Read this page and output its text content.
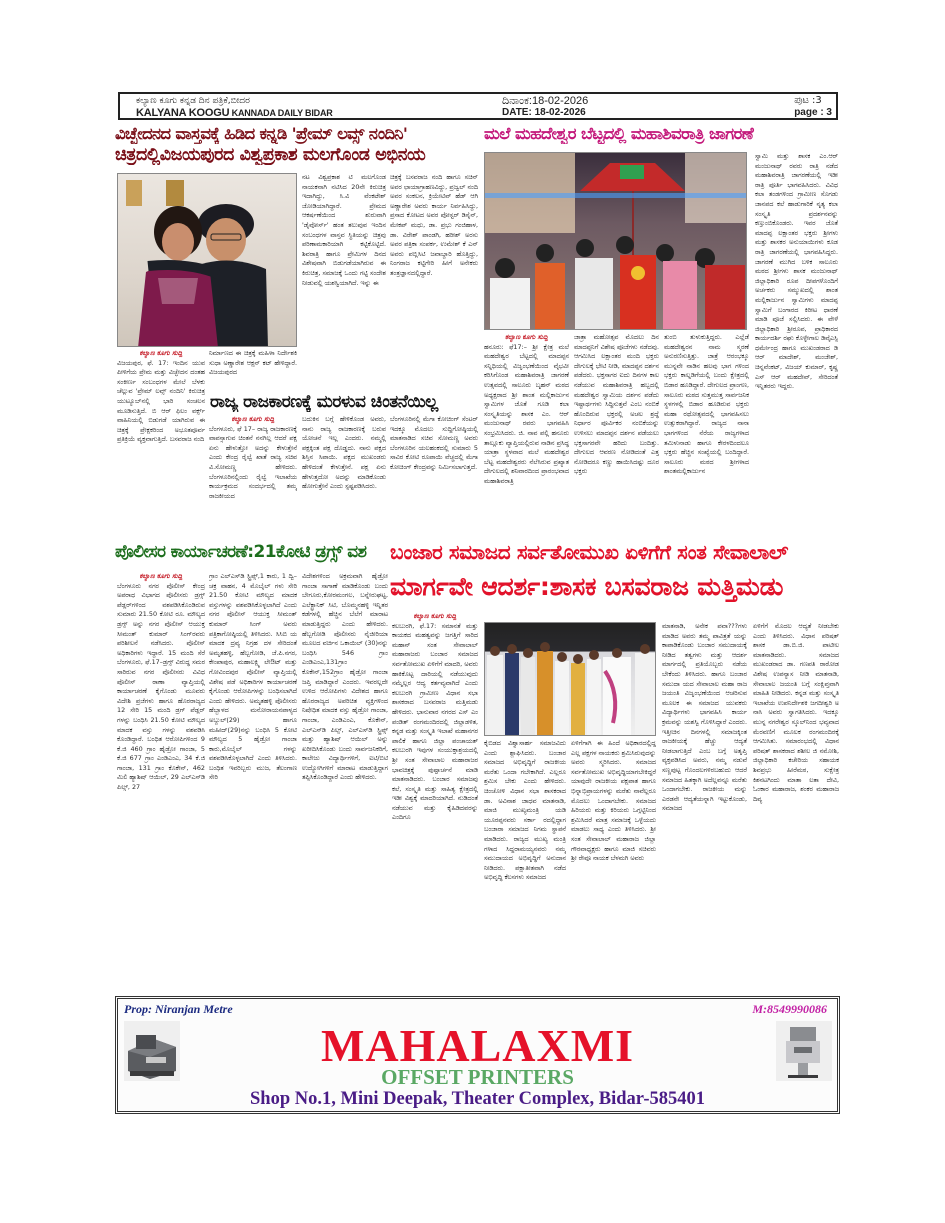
ಕಲ್ಯಾಣ ಕೂಗು ಕನ್ನಡ ದಿನ ಪತ್ರಿಕೆ,ಬೀದರ
KALYANA KOOGU KANNADA DAILY BIDAR
ದಿನಾಂಕ:18-02-2026
DATE: 18-02-2026
ಪುಟ :3
page : 3
ವಿಚ್ಛೇದನದ ವಾಸ್ತವಕ್ಕೆ ಹಿಡಿದ ಕನ್ನಡಿ 'ಪ್ರೇಮ್ ಲವ್ಸ್ ನಂದಿನಿ'
ಚಿತ್ರದಲ್ಲಿವಿಜಯಪುರದ ವಿಶ್ವಪ್ರಕಾಶ ಮಲಗೊಂಡ ಅಭಿನಯ
ಮಲೆ ಮಹದೇಶ್ವರ ಬೆಟ್ಟದಲ್ಲಿ ಮಹಾಶಿವರಾತ್ರಿ ಜಾಗರಣೆ
ಕಲ್ಯಾಣ ಕೂಗು ಸುದ್ದಿ
ವಿಜಯಪುರ, ಫೆ. 17: ಇಂದಿನ ಯುವ ಪೀಳಿಗೆಯ ಪ್ರೇಮ ಮತ್ತು ವಿಚ್ಛೇದನ ದಂತಹ ಸಂಕೀರ್ಣ ಸಂಬಂಧಗಳ ಮೇಲೆ ಬೆಳಕು ಚೆಲ್ಲುವ 'ಪ್ರೇಮ್ ಲವ್ಸ್ ನಂದಿನಿ' ಕಿರುಚಿತ್ರ ಯುಟ್ಯೂಬ್‌ನಲ್ಲಿ ಭಾರಿ ಸಂಚಲನ ಮೂಡಿಸುತ್ತಿದೆ. ಬಿ ಆರ್ ಫಿಲಂ ವರ್ಕ್ಸ್ ವಾಹಿನಿಯಲ್ಲಿ ಬಿಡುಗಡೆ ಯಾಗಿರುವ ಈ ಚಿತ್ರಕ್ಕೆ ಪ್ರೇಕ್ಷಕರಿಂದ ಅಭೂತಪೂರ್ವ ಪ್ರತಿಕ್ರಿಯೆ ವ್ಯಕ್ತವಾಗುತ್ತಿದೆ. ಬಸವರಾಜ ನಂದಿ
ನಿರ್ಮಾಣದ ಈ ಚಿತ್ರಕ್ಕೆ ಮಹಿಳಾ ನಿರ್ದೇಶಕಿ ಸುಧಾ ಅಣ್ಣಾರೇಶ ಆಕ್ಷನ್ ಕಟ್ ಹೇಳಿದ್ದಾರೆ. ವಿಜಯಪುರದ
ನಟ ವಿಶ್ವಪ್ರಕಾಶ ಟಿ ಮಲಗೊಂಡ ನಾಯಕನಾಗಿ ನಟಿಸಿದ 20ನೇ ಕಿರುಚಿತ್ರ ಇದಾಗಿದ್ದು, ಸಿ.ವಿ ವೆಂಕಟೇಶ್ ಜೋಡಿಯಾಗಿದ್ದಾರೆ. ಪ್ರೇಮದ ಆಕರ್ಷಣೆಯಿಂದ ಶುರುವಾಗಿ 'ಡೈವೋರ್ಸ್' ಹಂತ ತಲುಪುವ ಇಂದಿನ ಸಂಬಂಧಗಳ ವಾಸ್ತವ ಸ್ಥಿತಿಯನ್ನು ಚಿತ್ರವು ಪರಿಣಾಮಕಾರಿಯಾಗಿ ಕಟ್ಟಿಕೊಟ್ಟಿದೆ. ಶಿವರಾತ್ರಿ ಹಾಗೂ ಪ್ರೇಮಿಗಳ ದಿನದ ವಿಶೇಷವಾಗಿ ಬಿಡುಗಡೆಯಾಗಿರುವ ಈ ಕಿರುಚಿತ್ರ, ಸಮಾಜಕ್ಕೆ ಒಂದು ಗಟ್ಟಿ ಸಂದೇಶ ನೀಡುವಲ್ಲಿ ಯಶಸ್ವಿಯಾಗಿದೆ. ಇನ್ನು ಈ
ಚಿತ್ರಕ್ಕೆ ಬಸವರಾಜ ನಂದಿ ಹಾಗೂ ಸಚಿನ್ ಅವರ ಛಾಯಾಗ್ರಾಹಣವಿದ್ದು, ಪ್ರಜ್ವಲ್ ನಂದಿ ಅವರ ಸಂಕಲನ, ಕ್ರಿಯೇಟಿವ್ ಹೆಡ್ ಆಗಿ ಅಣ್ಣಾರೇಶ ಅವರು ಕಾರ್ಯ ನಿರ್ವಹಿಸಿದ್ದು, ಪ್ರಸಾದ ಕೋಟದ ಅವರ ಪೋಸ್ಟರ್ ಡಿಸೈನ್, ಮೇಕಪ್ ಮಧು, ಡಾ. ಪ್ರಭು ಗಂಜಿಹಾಳ, ಡಾ. ವಿರೇಶ್ ಪಾಂಡಗಿ, ಹರೀಶ್ ಅರಸು ಅವರ ಪತ್ರಿಕಾ ಸಂಪರ್ಕ, ಉಮೇಶ್ ಕೆ ಎನ್ ಅವರು ಪಬ್ಲಿಸಿಟಿ ಜವಾಬ್ದಾರಿ ಹೊತ್ತಿದ್ದು, ನಿಂಗರಾಜ ಕಟ್ಟಿಗೇರಿ ಹೀಗೆ ಅನೇಕರು ತಂತ್ರಜ್ಞಾನದಲ್ಲಿದ್ದಾರೆ.
ರಾಜ್ಯ ರಾಜಕಾರಣಕ್ಕೆ ಮರಳುವ ಚಿಂತನೆಯಿಲ್ಲ
ಕಲ್ಯಾಣ ಕೂಗು ಸುದ್ದಿ
ಬೆಂಗಳೂರು, ಫೆ 17– ರಾಜ್ಯ ರಾಜಕಾರಣಕ್ಕೆ ವಾಪಸ್ಸಾಗುವ ಚಿಂತನೆ ನನಗಿಲ್ಲ ಆದರೆ ಪಕ್ಷ ಏನು ಹೇಳುತ್ತೋ ಅದನ್ನು ಕೇಳುತ್ತೇನೆ ಎಂದು ಕೇಂದ್ರ ರೈಲ್ವೆ ಖಾತೆ ರಾಜ್ಯ ಸಚಿವ ವಿ.ಸೋಮಣ್ಣ ಹೇಳಿದರು. ಬೆಂಗಳೂರಿನಲ್ಲಿಂದು ರೈಲ್ವೆ ಇಲಾಖೆಯ ಕಾರ್ಯಕ್ರಮದ ಸಂದರ್ಭದಲ್ಲಿ ತಮ್ಮ ರಾಜಕೀಯದ
ಬದುಕಿನ ಬಗ್ಗೆ ಹೇಳಿಕೊಂಡ ಅವರು, ನಾನು ರಾಜ್ಯ ರಾಜಕಾರಣಕ್ಕೆ ಬರುವ ಯೋಚನೆ ಇಲ್ಲ ಎಂದರು. ನಮ್ಮಲ್ಲಿ ಪಕ್ಷಕ್ಕಿಂತ ಪಕ್ಷ ದೊಡ್ಡದು. ನಾನು ಪಕ್ಷದ ಶಿಸ್ತಿನ ಸಿಪಾಯಿ. ಪಕ್ಷದ ಮುಖಂಡರು ಹೇಳಿದಂತೆ ಕೇಳುತ್ತೇನೆ. ಪಕ್ಷ ಏನು ಹೇಳುತ್ತದೋ ಅದನ್ನು ಮಾಡಿಕೊಂಡು ಹೋಗುತ್ತೇನೆ ಎಂದು ಸ್ಪಷ್ಟಪಡಿಸಿದರು.
ಬೆಂಗಳೂರಿನಲ್ಲಿ ಮೆಗಾ ಕೋಚಿಂಗ್ ಸೆಂಟರ್ ಇದಕ್ಕೂ ಮೊದಲು ಸುದ್ದಿಗೋಷ್ಠಿಯಲ್ಲಿ ಮಾತನಾಡಿದ ಸಚಿವ ಸೋಮಣ್ಣ ಅವರು ಬೆಂಗಳೂರಿನ ಯಲಹಂಕದಲ್ಲಿ ಸುಮಾರು 5 ಸಾವಿರ ಕೋಟಿ ರೂಪಾಯಿ ವೆಚ್ಚದಲ್ಲಿ ಮೆಗಾ ಕೋಚಿಂಗ್ ಕೇಂದ್ರವನ್ನು ನಿರ್ಮಿಸಲಾಗುತ್ತದೆ.
ಕಲ್ಯಾಣ ಕೂಗು ಸುದ್ದಿ
ಹನೂರು: ಫೆ17:– ಶ್ರೀ ಕ್ಷೇತ್ರ ಮಲೆ ಮಹದೇಶ್ವರ ಬೆಟ್ಟದಲ್ಲಿ ಮಾದಪ್ಪನ ಸನ್ನಿಧಿಯಲ್ಲಿ ವಿಜೃಂಭಣೆಯಿಂದ ವೈಭವೀ ಕರಿಸಿಗೊಂಡ ಮಹಾಶಿವರಾತ್ರಿ ಜಾಗರಣೆ ಉತ್ಸವದಲ್ಲಿ ಸಾಲೂರು ಬೃಹನ್ ಮಠದ ಅಧ್ಯಕ್ಷರಾದ ಶ್ರೀ ಶಾಂತ ಮಲ್ಲಿಕಾರ್ಜುನ ಸ್ವಾಮಿಗಳ ಜೊತೆ ಗೂಡಿ ಕಲಾ ಸಂಸ್ಕೃತಿಯನ್ನು ಶಾಸಕ ಎಂ. ಆರ್ ಮಂಜುನಾಥ್ ರವರು ಭಾಗವಹಿಸಿ ಸಂಭ್ರಮಿಸಿದರು. ಜಿ. ನಾವ ಪಲ್ಲಿ ಹನೂರು ತಾಲ್ಲೂಕು ವ್ಯಾಪ್ತಿಯಲ್ಲಿರುವ ನಾಡಿನ ಪ್ರಸಿದ್ಧ ಯಾತ್ರಾ ಸ್ಥಳವಾದ ಮಲೆ ಮಹದೇಶ್ವರ ಬೆಟ್ಟ ಮಹದೇಶ್ವರರು ನೆಲೆಸಿರುವ ಪ್ರಖ್ಯಾತ ದೇಗುಲದಲ್ಲಿ ಶನಿವಾರದಿಂದ ಪ್ರಾರಂಭವಾದ ಮಹಾಶಿವರಾತ್ರಿ
ಜಾತ್ರಾ ಮಹೋತ್ಸವ ಮೊದಲು ದಿನ ಮಾದಪ್ಪನಿಗೆ ವಿಶೇಷ ಪೂಜೆಗಳು ನಡೆದವು. ಆಗಮಿಸಿದ ಲಕ್ಷಾಂತರ ಮಂದಿ ಭಕ್ತರು ದೇಗುಲಕ್ಕೆ ಭೇಟಿ ನೀಡಿ, ಮಾದಪ್ಪನ ದರ್ಶನ ಪಡೆದರು. ಭಕ್ತಸಾಗರ ಐದು ದಿನಗಳ ಕಾಲ ನಡೆಯುವ ಮಹಾಶಿವರಾತ್ರಿ ಹಬ್ಬದಲ್ಲಿ ಮಹದೇಶ್ವರ ಸ್ವಾಮಿಯ ದರ್ಶನ ಪಡೆದು ಇಷ್ಟಾರ್ಥಗಳು ಸಿದ್ಧಿಸುತ್ತವೆ ಎಂಬ ನಂಬಿಕೆ ಹೊಂದಿರುವ ಭಕ್ತರಲ್ಲಿ ಅಚಲ ಶ್ರದ್ಧೆ ನಿರ್ಧಾರ ಪೂರ್ವಿಕರ ನಂಬಿಕೆಯನ್ನು ಉಳಿಸಲು ಮಾದಪ್ಪನ ದರ್ಶನ ಪಡೆಯಲು ಭಕ್ತಸಾಗರವೇ ಹರಿದು ಬಂದಿತ್ತು. ದೇಗುಲದ ಆವರಣ ನೋಡಿದಂತೆ ಎತ್ತ ನೋಡಿದರೂ ಕಣ್ಣು ಹಾಯಿಸಿದಷ್ಟು ದೂರ ಭಕ್ತರು
ತುಂಬಿ ತುಳುಕುತ್ತಿದ್ದರು. ಎಲ್ಲೆಡೆ ಮಹದೇಶ್ವರನ ನಾಮ ಸ್ಮರಣೆ ಅನುರಣಿಸುತ್ತಿತ್ತು. ಜಾತ್ರೆ ಆರಂಭಕ್ಕೂ ಮುನ್ನವೇ ನಾಡಿನ ಹಲವು ಭಾಗ ಗಳಿಂದ ಭಕ್ತರು ಕಾಲ್ನಡಿಗೆಯಲ್ಲಿ ಬಂದು ಕ್ಷೇತ್ರದಲ್ಲಿ ಬಿಡಾರ ಹೂಡಿದ್ದಾರೆ. ದೇಗುಲದ ಪ್ರಾಂಗಣ, ಸಾಲೂರು ಮಠದ ಸುತ್ತಮುತ್ತ ಸಾರ್ವಜನಿಕ ಸ್ಥಳಗಳಲ್ಲಿ ಬಿಡಾರ ಹೂಡಿರುವ ಭಕ್ತರು ಮಹಾ ರಥೋತ್ಸವದಲ್ಲಿ ಭಾಗವಹಿಸಲು ಉತ್ಸುಕರಾಗಿದ್ದಾರೆ. ರಾಜ್ಯದ ನಾನಾ ಭಾಗಗಳಿಂದ ನೆರೆಯ ರಾಜ್ಯಗಳಾದ ತಮಿಳುನಾಡು ಹಾಗೂ ಕೇರಳದಿಂದಲೂ ಭಕ್ತರು ಹೆಚ್ಚಿನ ಸಂಖ್ಯೆಯಲ್ಲಿ ಬಂದಿದ್ದಾರೆ. ಸಾಲೂರು ಮಠದ ಶ್ರೀಗಳಾದ ಶಾಂತಮಲ್ಲಿಕಾರ್ಜುನ
ಸ್ವಾಮಿ ಮತ್ತು ಶಾಸಕ ಎಂ.ಆರ್ ಮಂಜುನಾಥ್ ರವರು ರಾತ್ರಿ ನಡೆದ ಮಹಾಶಿವರಾತ್ರಿ ಜಾಗರಣೆಯಲ್ಲಿ ಇಡೀ ರಾತ್ರಿ ಪೂರ್ತಿ ಭಾಗವಹಿಸಿದರು. ವಿವಿಧ ಕಲಾ ತಂಡಗಳಿಂದ ಗ್ರಾಮೀಣ ಸೊಗಡು ಜಾನಪದ ಕಲೆ ಹಾಡುಗಾರಿಕೆ ನೃತ್ಯ ಕಲಾ ಸಂಸ್ಕೃತಿ ಪ್ರದರ್ಶನವನ್ನು ಕಣ್ತುಂಬಿಕೊಂಡರು. ಇವರ ಜೊತೆ ಮಾದಪ್ಪ ಲಕ್ಷಾಂತರ ಭಕ್ತರು ಶ್ರೀಗಳು ಮತ್ತು ಶಾಸಕರ ಅನುಯಾಯಿಗಳು ಕೂಡ ರಾತ್ರಿ ಜಾಗರಣೆಯಲ್ಲಿ ಭಾಗವಹಿಸಿದ್ದರು. ಜಾಗರಣೆ ಮುಗಿದ ಬಳಿಕ ಸಾಲೂರು ಮಠದ ಶ್ರೀಗಳು ಶಾಸಕ ಮಂಜುನಾಥ್ ಜಿಲ್ಲಾಧಿಕಾರಿ ರೂಪ ದೀಪಗಳೊಂದಿಗೆ ಅರ್ಚಕರು ಸಮ್ಮುಖದಲ್ಲಿ ಶಾಂತ ಮಲ್ಲಿಕಾರ್ಜುನ ಸ್ವಾಮಿಗಳು ಮಾದಪ್ಪ ಸ್ವಾಮಿಗೆ ಬಂಗಾರದ ಕಿರೀಟ ಧಾರಣೆ ಮಾಡಿ ಪೂಜೆ ಸಲ್ಲಿಸಿದರು. ಈ ವೇಳೆ ಜಿಲ್ಲಾಧಿಕಾರಿ ಶ್ರೀರೂಪ, ಪ್ರಾಧಿಕಾರದ ಕಾರ್ಯದರ್ಶಿ ರಘು ಕೊಳ್ಳೇಗಾಲ ಡಿವೈಎಸ್ಪಿ ಧರ್ಮೇಂದ್ರ ಹಾಗೂ ಮುಖಂಡರಾದ ಡಿ ಆರ್ ಮಾದೇಶ್, ಮಂಜೇಶ್, ಚಿನ್ನವೆಂಕಟ್, ವಿಜಯ್ ಕುಮಾರ್, ಕೃಷ್ಣ ಎಸ್ ಆರ್ ಮಹದೇವ್, ಸೇರಿದಂತೆ ಇನ್ನಿತರರು ಇದ್ದರು.
ಪೊಲೀಸರ ಕಾರ್ಯಾಚರಣೆ:21ಕೋಟಿ ಡ್ರಗ್ಸ್ ವಶ
ಕಲ್ಯಾಣ ಕೂಗು ಸುದ್ದಿ
ಬೆಂಗಳೂರು ನಗರ ಪೊಲೀಸ್ ಕೇಂದ್ರ ಅಪರಾಧ ವಿಭಾಗದ ಪೊಲೀಸರು ಡ್ರಗ್ಸ್ ಪೆಡ್ಲರ್‌ಗಳಿಂದ ವಶಪಡಿಸಿಕೊಂಡಿರುವ ಸುಮಾರು 21.50 ಕೋಟಿ ರೂ. ಮೌಲ್ಯದ ಡ್ರಗ್ಸ್ ಅನ್ನು ನಗರ ಪೊಲೀಸ್ ಆಯುಕ್ತ ಸೀಮಂತ್ ಕುಮಾರ್ ಸಿಂಗ್‌ರವರು ಪರಿಶೀಲನೆ ನಡೆಸಿದರು. ಪೊಲೀಸ್ ಅಧಿಕಾರಿಗಳು ಇದ್ದಾರೆ. 15 ಮಂದಿ ಸೆರೆ ಬೆಂಗಳೂರು, ಫೆ.17–ಡ್ರಗ್ಸ್ ವಿರುದ್ಧ ಸಮರ ಸಾರಿರುವ ನಗರ ಪೊಲೀಸರು ವಿವಿಧ ಪೊಲೀಸ್ ಠಾಣಾ ವ್ಯಾಪ್ತಿಯಲ್ಲಿ ಕಾರ್ಯಾಚರಣೆ ಕೈಗೊಂಡು ಮೂವರು ವಿದೇಶಿ ಪ್ರಜೆಗಳು ಹಾಗೂ ಹೊರರಾಜ್ಯದ 12 ಸೇರಿ 15 ಮಂದಿ ಡ್ರಗ್ ಪೆಡ್ಲರ್ ಗಳನ್ನು ಬಂಧಿಸಿ 21.50 ಕೋಟಿ ಮೌಲ್ಯದ ಮಾದಕ ವಸ್ತು ಗಳನ್ನು ವಶಪಡಿಸಿ ಕೊಂಡಿದ್ದಾರೆ. ಬಂಧಿತ ಆರೋಪಿಗಳಿಂದ 9 ಕೆ.ಜಿ 460 ಗ್ರಾಂ ಹೈಡ್ರೋ ಗಾಂಜಾ, 5 ಕೆ.ಜಿ 677 ಗ್ರಾಂ ಎಂಡಿಎಂಎ, 34 ಕೆ.ಜಿ ಗಾಂಜಾ, 131 ಗ್ರಾಂ ಕೊಕೇನ್, 462 ಮಿಲಿ ಹ್ಯಾಶಿಷ್ ಆಯಿಲ್, 29 ಎಲ್‌ಎಸ್‌ಡಿ ಪಿಲ್ಸ್, 27
ಗ್ರಾಂ ಎಲ್‌ಎಸ್‌ಡಿ ಸ್ಟ್ರಿಪ್ಸ್,1 ಕಾರು, 1 ದ್ವಿ–ಚಕ್ರ ವಾಹನ, 4 ಮೊಬೈಲ್ ಗಳು ಸೇರಿ 21.50 ಕೋಟಿ ಮೌಲ್ಯದ ಮಾದಕ ವಸ್ತುಗಳನ್ನು ವಶಪಡಿಸಿಕೊಳ್ಳಲಾಗಿದೆ ಎಂದು ನಗರ ಪೊಲೀಸ್ ಆಯುಕ್ತ ಸೀಮಂತ್ ಕುಮಾರ್ ಸಿಂಗ್ ಅವರು ಪತ್ರಿಕಾಗೋಷ್ಠಿಯಲ್ಲಿ ತಿಳಿಸಿದರು. ಸಿಸಿಬಿ ಯ ಮಾದಕ ದ್ರವ್ಯ ನಿಗ್ರಹ ದಳ ಸೇರಿದಂತೆ ಅಮೃತಹಳ್ಳಿ, ಹೆಬ್ಬಗೋಡಿ, ಜೆ.ಪಿ.ನಗರ, ಕೇಂಪಾಪುರ, ಮಹಾಲಕ್ಷ್ಮಿ ಲೇಔಟ್ ಮತ್ತು ಗೋವಿಂದಪುರ ಪೊಲೀಸ್ ವ್ಯಾಪ್ತಿಯಲ್ಲಿ ವಿಶೇಷ ಪಡೆ ಅಧಿಕಾರಿಗಳ ಕಾರ್ಯಾಚರಣೆ ಕೈಗೊಂಡು ಆರೋಪಿಗಳನ್ನು ಬಂಧಿಸಲಾಗಿದೆ ಎಂದು ಹೇಳಿದರು. ಅಮೃತಹಳ್ಳಿ ಪೊಲೀಸರು ಹೆಬ್ಬಾಳದ ಮನೋರಾಯನಪಾಳ್ಯದ ಅಬ್ದುಲ್(29) ಹಾಗೂ ಮಹೀದ್(29)ನನ್ನು ಬಂಧಿಸಿ 5 ಕೋಟಿ ಮೌಲ್ಯದ 5 ಹೈಡ್ರೋ ಗಾಂಜಾ ಕಾರು,ಮೊಬೈಲ್ ಗಳನ್ನು ವಶಪಡಿಸಿಕೊಳ್ಳಲಾಗಿದೆ ಎಂದು ತಿಳಿಸಿದರು. ಬಂಧಿತ ಇವರಿಬ್ಬರು ಮುಜ, ತೆಲಂಗಾಣ ಸೇರಿ
ವಿದೇಶಗಳಿಂದ ಅಕ್ರಮವಾಗಿ ಹೈಡ್ರೋ ಗಾಂಜಾ ಸಾಗಾಣೆ ಮಾಡಿಕೊಂಡು ಬಂದು ಬೇಗೂರು,ಕೋರಮಂಗಲ, ಬನ್ನೇರುಘಟ್ಟ, ಎಲೆಕ್ಟ್ರಾನಿಕ್ ಸಿಟಿ, ಬೊಮ್ಮನಹಳ್ಳಿ ಇನ್ನಿತರ ಕಡೆಗಳಲ್ಲಿ ಹೆಚ್ಚಿನ ಬೆಲೆಗೆ ಮಾರಾಟ ಮಾಡುತ್ತಿದ್ದರು ಎಂದು ಹೇಳಿದರು. ಹೆಬ್ಬಗೋಡಿ ಪೊಲೀಸರು ನೈಜೀರಿಯಾ ಮೂಲದ ವರ್ಚಿನ ಒಕಾಯಿಲ್ (30)ನನ್ನು ಬಂಧಿಸಿ 546 ಗ್ರಾಂ ಎಂಡಿಎಂಎ,131ಗ್ರಾಂ ಕೊಕೇನ್,152ಗ್ರಾಂ ಹೈಡ್ರೋ ಗಾಂಜಾ ಜಪ್ತಿ ಮಾಡಿದ್ದಾರೆ ಎಂದರು. ಇವರಲ್ಲದೇ ಉಳಿದ ಆರೋಪಿಗಳು ವಿದೇಶದ ಹಾಗೂ ಹೊರರಾಜ್ಯದ ಅಪರಿಚಿತ ವ್ಯಕ್ತಿಗಳಿಂದ ನಿಷೇಧಿತ ಮಾದಕ ವಸ್ತು ಹೈಡ್ರೋ ಗಾಂಜಾ, ಗಾಂಜಾ, ಎಂಡಿಎಂಎ, ಕೊಕೇನ್, ಎಲ್‌ಎಸ್‌ಡಿ ಪಿಲ್ಸ್, ಎಲ್‌ಎಸ್‌ಡಿ ಸ್ಟ್ರಿಪ್ಸ್ ಮತ್ತು ಹ್ಯಾಶಿಷ್ ಆಯಿಲ್ ಅನ್ನು ಖರೀದಿಸಿಕೊಂಡು ಬಂದು ಸಾರ್ವಜನಿಕರಿಗೆ, ಕಾಲೇಜು ವಿದ್ಯಾರ್ಥಿಗಳಿಗೆ, ಐಟಿ/ಬಿಟಿ ಉದ್ಯೋಗಿಗಳಿಗೆ ಮಾರಾಟ ಮಾಡುತ್ತಿದ್ದಾಗ ತಪ್ಪಿಸಿಕೊಂಡಿದ್ದಾರೆ ಎಂದು ಹೇಳಿದರು.
ಬಂಜಾರ ಸಮಾಜದ ಸರ್ವತೋಮುಖ ಏಳಿಗೆಗೆ ಸಂತ ಸೇವಾಲಾಲ್
ಮಾರ್ಗವೇ ಆದರ್ಶ:ಶಾಸಕ ಬಸವರಾಜ ಮತ್ತಿಮಡು
ಕಲ್ಯಾಣ ಕೂಗು ಸುದ್ದಿ
ಕಲಬುರಗಿ, ಫೆ.17: ಸಮಾನತೆ ಮತ್ತು ಕಾಯಕದ ಮಹತ್ವವನ್ನು ಜಗತ್ತಿಗೆ ಸಾರಿದ ಮಹಾನ್ ಸಂತ ಸೇವಾಲಾಲ್ ಮಹಾರಾಜರು ಬಂಜಾರ ಸಮಾಜದ ಸರ್ವತೋಮುಖ ಏಳಿಗೆಗೆ ಮಾದರಿ, ಅವರು ಹಾಕಿಕೊಟ್ಟ ದಾರಿಯಲ್ಲಿ ನಡೆಯುವುದು ನಮ್ಮೆಲ್ಲರ ಆದ್ಯ ಕರ್ತವ್ಯವಾಗಿದೆ ಎಂದು ಕಲಬುರಗಿ ಗ್ರಾಮೀಣ ವಿಧಾನ ಸಭಾ ಶಾಸಕರಾದ ಬಸವರಾಜ ಮತ್ತಿಮಡು ಹೇಳಿದರು. ಭಾನುವಾರ ನಗರದ ಎಸ್ ಎಂ ಪಂಡಿತ್ ರಂಗಮಂದಿರದಲ್ಲಿ ಜಿಲ್ಲಾಡಳಿತ, ಕನ್ನಡ ಮತ್ತು ಸಂಸ್ಕೃತಿ ಇಲಾಖೆ ಮಹಾನಗರ ಪಾಲಿಕೆ ಹಾಗೂ ಜಿಲ್ಲಾ ಪಂಚಾಯತ್ ಕಲಬುರಗಿ ಇವುಗಳ ಸಂಯುಕ್ತಾಶ್ರಯದಲ್ಲಿ ಶ್ರೀ ಸಂತ ಸೇವಾಲಾಲ ಮಹಾರಾಜರ ಭಾವಚಿತ್ರಕ್ಕೆ ಪುಷ್ಪಾರ್ಚನೆ ಮಾಡಿ ಮಾತನಾಡಿದರು. ಬಂಜಾರ ಸಮಾಜವು ಕಲೆ, ಸಂಸ್ಕೃತಿ ಮತ್ತು ಸಾಹಿತ್ಯ ಕ್ಷೇತ್ರದಲ್ಲಿ ಇಡೀ ವಿಶ್ವಕ್ಕೆ ಮಾದರಿಯಾಗಿದೆ. ನುಡಿದಂತೆ ನಡೆಯುವ ಮತ್ತು ಕೈಹಿಡಿದವರನ್ನು ಎಂದಿಗೂ
ಕೈಬಿಡದ ವಿಶ್ವಾಸಾರ್ಹ ಸಮಾಜವಿದು ಎಂದು ಶ್ಲಾಘಿಸಿದರು. ಬಂಜಾರ ಸಮಾಜದ ಅಭಿವೃದ್ಧಿಗೆ ರಾಜಕೀಯ ಮರೆತು ಒಂದಾ ಗಬೇಕಾಗಿದೆ. ಎಲ್ಲರೂ ಶ್ರಮಿಸ ಬೇಕು ಎಂದು ಹೇಳಿದರು. ಚಿಂಚೋಳಿ ವಿಧಾನ ಸಭಾ ಶಾಸಕರಾದ ಡಾ. ಅವಿನಾಶ ಜಾಧವ ಮಾತನಾಡಿ, ಮಾಜಿ ಮುಖ್ಯಮಂತ್ರಿ ಯಡಿ ಯೂರಪ್ಪನವರು ಸರ್ಕಾ ರದಲ್ಲಿದ್ದಾಗ ಬಂಜಾರಾ ಸಮಾಜದ ನಿಗಮ ಸ್ಥಾಪನೆ ಮಾಡಿದರು. ರಾಜ್ಯದ ಮುಖ್ಯ ಮಂತ್ರಿ ಗಳಾದ ಸಿದ್ದರಾಮಯ್ಯನವರು ನಮ್ಮ ಸಮುದಾಯದ ಅಭಿವೃದ್ಧಿಗೆ ಅನುದಾನ ನೀಡಿದರು. ಪಕ್ಷಾತೀತವಾಗಿ ನಡೆದ ಅಭಿವೃದ್ಧಿ ಕೆಲಸಗಳು ಸಮಾಜದ
ಏಳಿಗೆಗಾಗಿ ಈ ಹಿಂದೆ ಅಧಿಕಾರದಲ್ಲಿದ್ದ ಎಲ್ಲ ಪಕ್ಷಗಳ ನಾಯಕರು ಶ್ರಮಿಸಿರುವುದನ್ನು ಅವರು ಸ್ಮರಿಸಿದರು. ಸಮಾಜದ ಸರ್ವತೋಮುಖ ಅಭಿವೃದ್ಧಿಯಾಗಬೇಕಿದ್ದರೆ ಯಾವುದೇ ರಾಜಕೀಯ ಪಕ್ಷಪಾತ ಹಾಗೂ ಭಿನ್ನಾಭಿಪ್ರಾಯಗಳನ್ನು ಮರೆತು ನಾವೆಲ್ಲರೂ ಮೊದಲು ಒಂದಾಗಬೇಕು. ಸಮಾಜದ ಹಿರಿಯರು ಮತ್ತು ಕಿರಿಯರು ಒಗ್ಗಟ್ಟಿನಿಂದ ಶ್ರಮಿಸಿದರೆ ಮಾತ್ರ ಸಮಾಜಕ್ಕೆ ಒಳ್ಳೆಯದು ಮಾಡಲು ಸಾಧ್ಯ ಎಂದು ತಿಳಿಸಿದರು. ಶ್ರೀ ಸಂತ ಸೇವಾಲಾಲ್ ಮಹಾರಾಜ ಜಿಲ್ಲಾ ಗೌರವಾಧ್ಯಕ್ಷರು ಹಾಗೂ ಮಾಜಿ ಸಚಿವರು ಶ್ರೀ ರೇವೂ ನಾಯಕ ಬೆಳಮಗಿ ಅವರು
ಮಾತನಾಡಿ, ಅನೇಕ ಪವಾ???ಗಳು ಮಾಡಿದ ಅವರು ತಮ್ಮ ಪಾವಿತ್ರತೆ ಯನ್ನು ಕಾಪಾಡಿಕೊಂಡು ಬಂಜಾರ ಸಮುದಾಯಕ್ಕೆ ನೀಡಿದ ತತ್ವಗಳು ಮತ್ತು ಆದರ್ಶ ಮಾರ್ಗದಲ್ಲಿ ಪ್ರತಿಯೊಬ್ಬರು ನಡೆಯ ಬೇಕೆಂದು ತಿಳಿಸಿದರು. ಹಾಗೂ ಬಂಜಾರ ಸಮುದಾ ಯದ ಸೇವಾಲಾಲ ಮಹಾ ರಾಜ ಜಯಂತಿ ವಿಜೃಂಭಣೆಯಿಂದ ಆಚರಿಸುವ ಮೂಲಕ ಈ ಸಮಾಜದ ಯುವಕರು ವಿದ್ಯಾರ್ಥಿಗಳು ಭಾಗವಹಿಸಿ ಕಾರ್ಯ ಕ್ರಮವನ್ನು ಯಶಸ್ವಿ ಗೊಳಿಸಿದ್ದಾರೆ ಎಂದರು. ಇತ್ತೀಚಿನ ದಿನಗಳಲ್ಲಿ ಸಮಾಜಕ್ಕಿಂತ ರಾಜಕೀಯಕ್ಕೆ ಹೆಚ್ಚು ಆದ್ಯತೆ ನೀಡಲಾಗುತ್ತಿದೆ ಎಂಬ ಬಗ್ಗೆ ಅತೃಪ್ತಿ ವ್ಯಕ್ತಪಡಿಸಿದ ಅವರು, ನಮ್ಮ ನಡುವೆ ಸಣ್ಣಪುಟ್ಟ ಗೊಂದಲಗಳಿರಬಹುದು ಆದರೆ ಸಮಾಜದ ಹಿತಕ್ಕಾಗಿ ಅದೆಲ್ಲವನ್ನೂ ಮರೆತು ಒಂದಾಗಬೇಕು. ರಾಜಕೀಯ ಮನ್ನು ಎರಡನೇ ಆದ್ಯತೆಯನ್ನಾಗಿ ಇಟ್ಟುಕೊಂಡು, ಸಮಾಜದ
ಏಳಿಗೆಗೆ ಮೊದಲ ಆದ್ಯತೆ ನೀಡಬೇಕು ಎಂದು ತಿಳಿಸಿದರು. ವಿಧಾನ ಪರಿಷತ್ ಶಾಸಕ ಡಾ.ಬಿ.ಜಿ. ಪಾಟೀಲ ಮಾತನಾಡಿದರು. ಸಮಾಜದ ಮುಖಂಡರಾದ ಡಾ. ಗಣಪತಿ ರಾಠೋಡ ವಿಶೇಷ ಉಪನ್ಯಾಸ ನೀಡಿ ಮಾತನಾಡಿ, ಸೇವಾಲಾಲ ಜಯಂತಿ ಬಗ್ಗೆ ಸಂಕ್ಷಿಪ್ತವಾಗಿ ಮಾಹಿತಿ ನೀಡಿದರು. ಕನ್ನಡ ಮತ್ತು ಸಂಸ್ಕೃತಿ ಇಲಾಖೆಯ ಉಪನಿರ್ದೇಶಕಿ ಜಗದೀಶ್ವರಿ ಅ ನಾಸಿ ಅವರು ಸ್ವಾಗತಿಸಿದರು. ಇದಕ್ಕೂ ಮುನ್ನ ನಗರೇಶ್ವರ ಸ್ಕೂಲ್‌ನಿಂದ ಭವ್ಯವಾದ ಮೆರವಣಿಗೆ ಮೂಲಕ ರಂಗಮಂದಿರಕ್ಕೆ ಆಗಮಿಸಿತು. ಸಮಾರಂಭದಲ್ಲಿ ವಿಧಾನ ಪರಿಷತ್ ಶಾಸಕರಾದ ಶಶೀಲ ಜಿ ನಮೋಶಿ, ಜಿಲ್ಲಾಧಿಕಾರಿ ಕಚೇರಿಯ ಸಹಾಯಕ ಶಿವಪ್ರಭು ಹೀರೆಮಠ, ಸುಕ್ಷೇತ್ರ ಕಿಶನಟಗಿಂದು ಮಾತಾ ಲತಾ ದೇವಿ, ಓಂಕಾರ ಮಹಾರಾಜ, ಶಂಕರ ಮಹಾರಾಜ ದಿವ್ಯ
Prop: Niranjan Metre	M:8549990086
MAHALAXMI
OFFSET PRINTERS
Shop No.1, Mini Deepak, Theater Complex, Bidar-585401
